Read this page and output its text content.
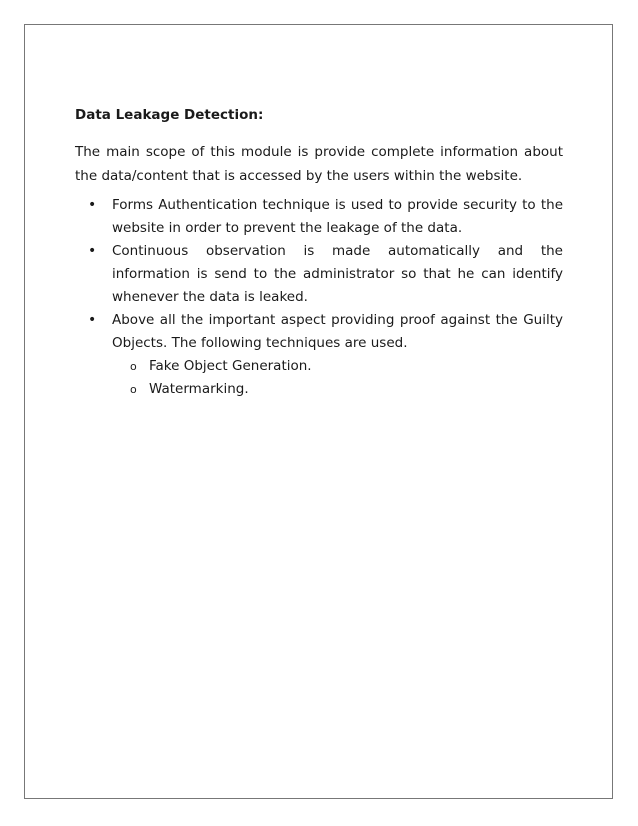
Data Leakage Detection:

The main scope of this module is provide complete information about the data/content that is accessed by the users within the website.

• Forms Authentication technique is used to provide security to the website in order to prevent the leakage of the data.
• Continuous observation is made automatically and the information is send to the administrator so that he can identify whenever the data is leaked.
• Above all the important aspect providing proof against the Guilty Objects. The following techniques are used.
o Fake Object Generation.
o Watermarking.
